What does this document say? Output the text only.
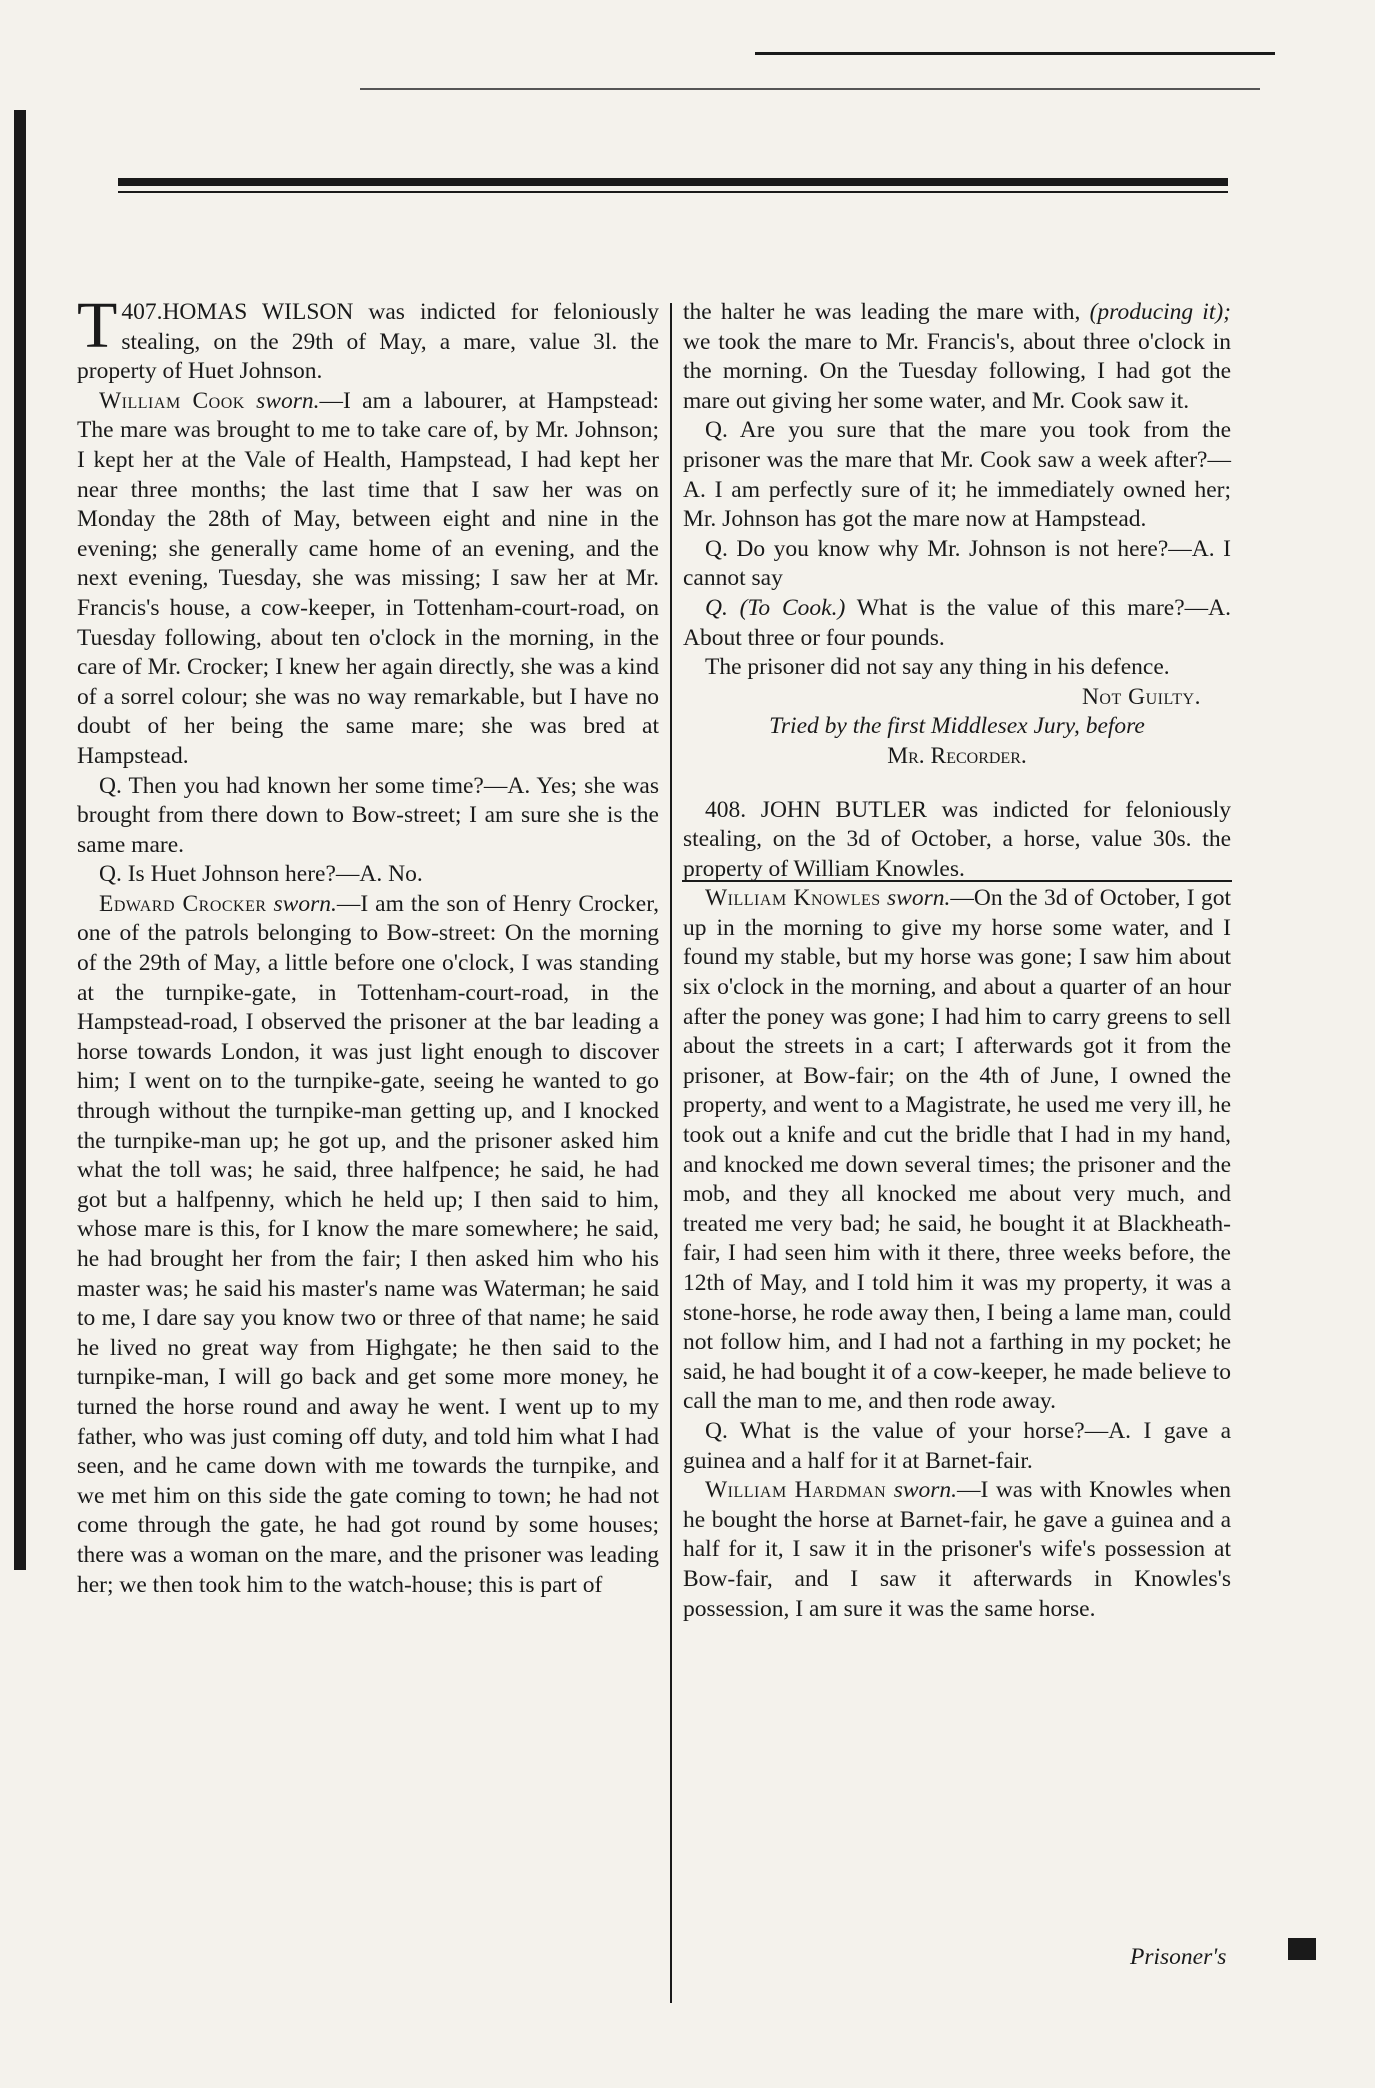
407.
T HOMAS WILSON was indicted for feloniously stealing, on the 29th of May, a mare, value 3l. the property of Huet Johnson.

William Cook sworn.—I am a labourer, at Hampstead: The mare was brought to me to take care of, by Mr. Johnson; I kept her at the Vale of Health, Hampstead, I had kept her near three months; the last time that I saw her was on Monday the 28th of May, between eight and nine in the evening; she generally came home of an evening, and the next evening, Tuesday, she was missing; I saw her at Mr. Francis's house, a cow-keeper, in Tottenham-court-road, on Tuesday following, about ten o'clock in the morning, in the care of Mr. Crocker; I knew her again directly, she was a kind of a sorrel colour; she was no way remarkable, but I have no doubt of her being the same mare; she was bred at Hampstead.

Q. Then you had known her some time?—A. Yes; she was brought from there down to Bow-street; I am sure she is the same mare.

Q. Is Huet Johnson here?—A. No.

Edward Crocker sworn.—I am the son of Henry Crocker, one of the patrols belonging to Bow-street: On the morning of the 29th of May, a little before one o'clock, I was standing at the turnpike-gate, in Tottenham-court-road, in the Hampstead-road, I observed the prisoner at the bar leading a horse towards London, it was just light enough to discover him; I went on to the turnpike-gate, seeing he wanted to go through without the turnpike-man getting up, and I knocked the turnpike-man up; he got up, and the prisoner asked him what the toll was; he said, three halfpence; he said, he had got but a halfpenny, which he held up; I then said to him, whose mare is this, for I know the mare somewhere; he said, he had brought her from the fair; I then asked him who his master was; he said his master's name was Waterman; he said to me, I dare say you know two or three of that name; he said he lived no great way from Highgate; he then said to the turnpike-man, I will go back and get some more money, he turned the horse round and away he went. I went up to my father, who was just coming off duty, and told him what I had seen, and he came down with me towards the turnpike, and we met him on this side the gate coming to town; he had not come through the gate, he had got round by some houses; there was a woman on the mare, and the prisoner was leading her; we then took him to the watch-house; this is part of

the halter he was leading the mare with, (producing it); we took the mare to Mr. Francis's, about three o'clock in the morning. On the Tuesday following, I had got the mare out giving her some water, and Mr. Cook saw it.

Q. Are you sure that the mare you took from the prisoner was the mare that Mr. Cook saw a week after?—A. I am perfectly sure of it; he immediately owned her; Mr. Johnson has got the mare now at Hampstead.

Q. Do you know why Mr. Johnson is not here?—A. I cannot say

Q. (To Cook.) What is the value of this mare?—A. About three or four pounds.

The prisoner did not say any thing in his defence.

Not Guilty.

Tried by the first Middlesex Jury, before

Mr. Recorder.

408. JOHN BUTLER was indicted for feloniously stealing, on the 3d of October, a horse, value 30s. the property of William Knowles.

William Knowles sworn.—On the 3d of October, I got up in the morning to give my horse some water, and I found my stable, but my horse was gone; I saw him about six o'clock in the morning, and about a quarter of an hour after the poney was gone; I had him to carry greens to sell about the streets in a cart; I afterwards got it from the prisoner, at Bow-fair; on the 4th of June, I owned the property, and went to a Magistrate, he used me very ill, he took out a knife and cut the bridle that I had in my hand, and knocked me down several times; the prisoner and the mob, and they all knocked me about very much, and treated me very bad; he said, he bought it at Blackheath-fair, I had seen him with it there, three weeks before, the 12th of May, and I told him it was my property, it was a stone-horse, he rode away then, I being a lame man, could not follow him, and I had not a farthing in my pocket; he said, he had bought it of a cow-keeper, he made believe to call the man to me, and then rode away.

Q. What is the value of your horse?—A. I gave a guinea and a half for it at Barnet-fair.

William Hardman sworn.—I was with Knowles when he bought the horse at Barnet-fair, he gave a guinea and a half for it, I saw it in the prisoner's wife's possession at Bow-fair, and I saw it afterwards in Knowles's possession, I am sure it was the same horse.

Prisoner's
